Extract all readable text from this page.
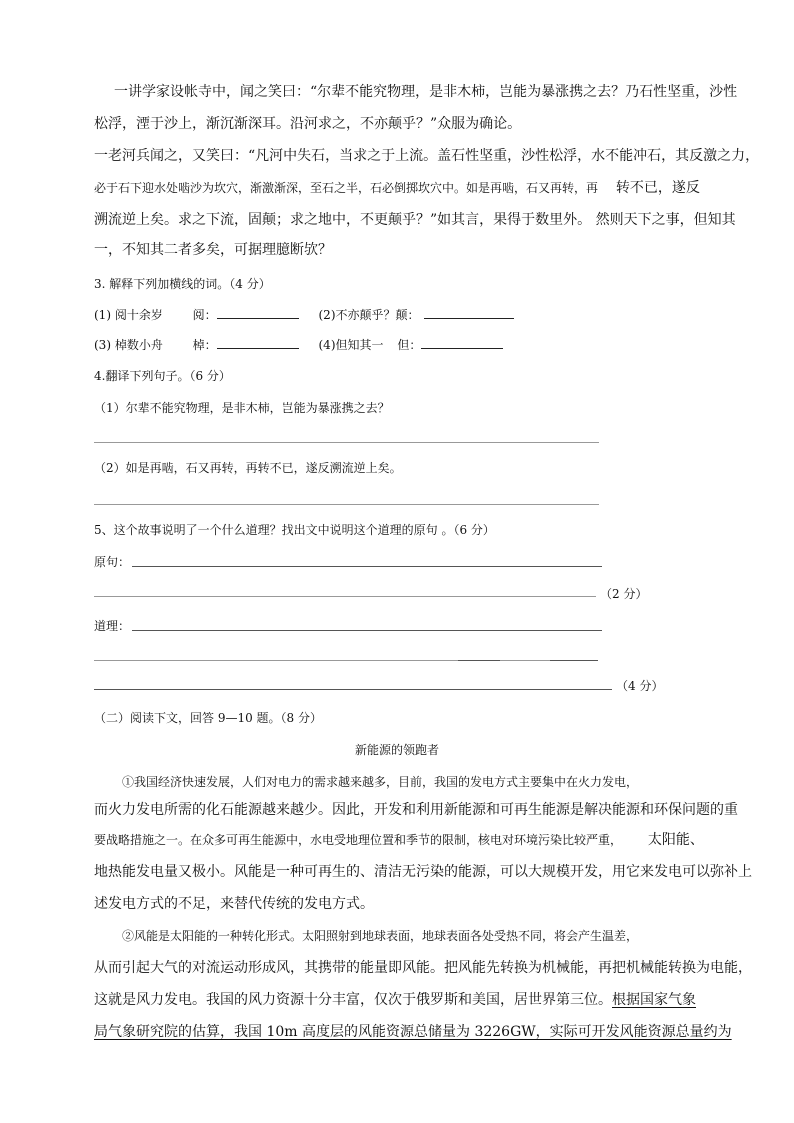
一讲学家设帐寺中，闻之笑曰：“尔辈不能究物理，是非木柿，岂能为暴涨携之去？乃石性坚重，沙性
松浮，湮于沙上，渐沉渐深耳。沿河求之，不亦颠乎？”众服为确论。
一老河兵闻之，又笑曰：“凡河中失石，当求之于上流。盖石性坚重，沙性松浮，水不能冲石，其反激之力，
必于石下迎水处啮沙为坎穴，渐激渐深，至石之半，石必倒掷坎穴中。如是再啮，石又再转，再 转不已，遂反
溯流逆上矣。求之下流，固颠；求之地中，不更颠乎？”如其言，果得于数里外。 然则天下之事，但知其
一，不知其二者多矣，可据理臆断欤？
3. 解释下列加横线的词。（4 分）
(1) 阅十余岁 阅：	(2)不亦颠乎？颠：
(3) 棹数小舟 棹：	(4)但知其一 但：
4.翻译下列句子。（6 分）
（1）尔辈不能究物理，是非木柿，岂能为暴涨携之去？
（2）如是再啮，石又再转，再转不已，遂反溯流逆上矣。
5、这个故事说明了一个什么道理？找出文中说明这个道理的原句 。（6 分）
原句：
（2 分）
道理：
（4 分）
（二）阅读下文，回答 9—10 题。（8 分）
新能源的领跑者
①我国经济快速发展，人们对电力的需求越来越多，目前，我国的发电方式主要集中在火力发电，
而火力发电所需的化石能源越来越少。因此，开发和利用新能源和可再生能源是解决能源和环保问题的重
要战略措施之一。在众多可再生能源中，水电受地理位置和季节的限制，核电对环境污染比较严重， 太阳能、
地热能发电量又极小。风能是一种可再生的、清洁无污染的能源，可以大规模开发，用它来发电可以弥补上
述发电方式的不足，来替代传统的发电方式。
②风能是太阳能的一种转化形式。太阳照射到地球表面，地球表面各处受热不同，将会产生温差，
从而引起大气的对流运动形成风，其携带的能量即风能。把风能先转换为机械能，再把机械能转换为电能，
这就是风力发电。我国的风力资源十分丰富，仅次于俄罗斯和美国，居世界第三位。根据国家气象
局气象研究院的估算，我国 10m 高度层的风能资源总储量为 3226GW，实际可开发风能资源总量约为
